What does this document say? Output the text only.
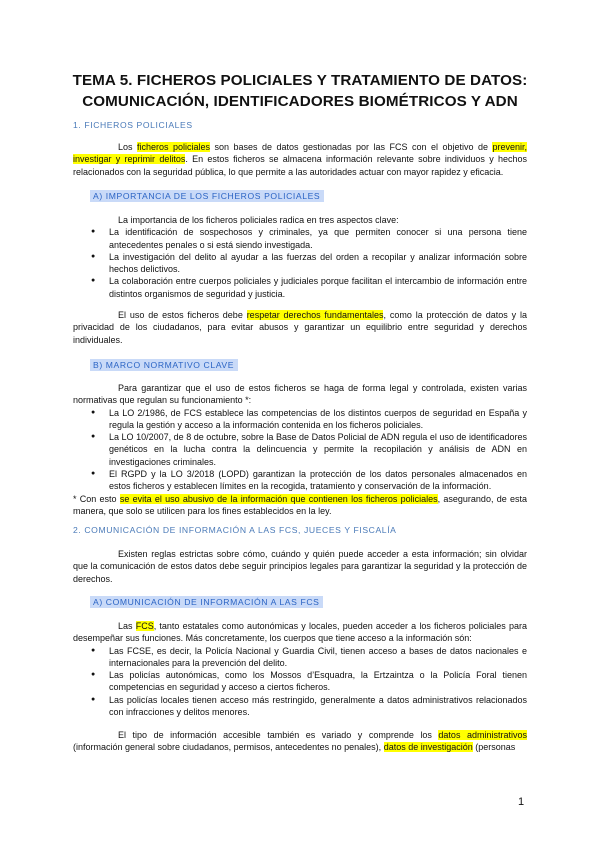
TEMA 5. FICHEROS POLICIALES Y TRATAMIENTO DE DATOS:
COMUNICACIÓN, IDENTIFICADORES BIOMÉTRICOS Y ADN
1. FICHEROS POLICIALES
Los ficheros policiales son bases de datos gestionadas por las FCS con el objetivo de prevenir, investigar y reprimir delitos. En estos ficheros se almacena información relevante sobre individuos y hechos relacionados con la seguridad pública, lo que permite a las autoridades actuar con mayor rapidez y eficacia.
A) IMPORTANCIA DE LOS FICHEROS POLICIALES
La importancia de los ficheros policiales radica en tres aspectos clave:
● La identificación de sospechosos y criminales, ya que permiten conocer si una persona tiene antecedentes penales o si está siendo investigada.
● La investigación del delito al ayudar a las fuerzas del orden a recopilar y analizar información sobre hechos delictivos.
● La colaboración entre cuerpos policiales y judiciales porque facilitan el intercambio de información entre distintos organismos de seguridad y justicia.
El uso de estos ficheros debe respetar derechos fundamentales, como la protección de datos y la privacidad de los ciudadanos, para evitar abusos y garantizar un equilibrio entre seguridad y derechos individuales.
B) MARCO NORMATIVO CLAVE
Para garantizar que el uso de estos ficheros se haga de forma legal y controlada, existen varias normativas que regulan su funcionamiento *:
● La LO 2/1986, de FCS establece las competencias de los distintos cuerpos de seguridad en España y regula la gestión y acceso a la información contenida en los ficheros policiales.
● La LO 10/2007, de 8 de octubre, sobre la Base de Datos Policial de ADN regula el uso de identificadores genéticos en la lucha contra la delincuencia y permite la recopilación y análisis de ADN en investigaciones criminales.
● El RGPD y la LO 3/2018 (LOPD) garantizan la protección de los datos personales almacenados en estos ficheros y establecen límites en la recogida, tratamiento y conservación de la información.
* Con esto se evita el uso abusivo de la información que contienen los ficheros policiales, asegurando, de esta manera, que solo se utilicen para los fines establecidos en la ley.
2. COMUNICACIÓN DE INFORMACIÓN A LAS FCS, JUECES Y FISCALÍA
Existen reglas estrictas sobre cómo, cuándo y quién puede acceder a esta información; sin olvidar que la comunicación de estos datos debe seguir principios legales para garantizar la seguridad y la protección de derechos.
A) COMUNICACIÓN DE INFORMACIÓN A LAS FCS
Las FCS, tanto estatales como autonómicas y locales, pueden acceder a los ficheros policiales para desempeñar sus funciones. Más concretamente, los cuerpos que tiene acceso a la información són:
● Las FCSE, es decir, la Policía Nacional y Guardia Civil, tienen acceso a bases de datos nacionales e internacionales para la prevención del delito.
● Las policías autonómicas, como los Mossos d’Esquadra, la Ertzaintza o la Policía Foral tienen competencias en seguridad y acceso a ciertos ficheros.
● Las policías locales tienen acceso más restringido, generalmente a datos administrativos relacionados con infracciones y delitos menores.
El tipo de información accesible también es variado y comprende los datos administrativos (información general sobre ciudadanos, permisos, antecedentes no penales), datos de investigación (personas
1
